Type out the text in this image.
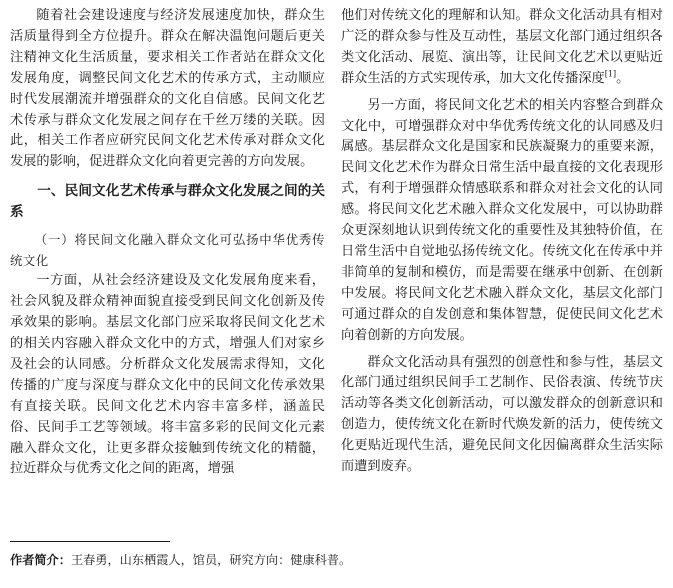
随着社会建设速度与经济发展速度加快，群众生活质量得到全方位提升。群众在解决温饱问题后更关注精神文化生活质量，要求相关工作者站在群众文化发展角度，调整民间文化艺术的传承方式，主动顺应时代发展潮流并增强群众的文化自信感。民间文化艺术传承与群众文化发展之间存在千丝万缕的关联。因此，相关工作者应研究民间文化艺术传承对群众文化发展的影响，促进群众文化向着更完善的方向发展。

一、民间文化艺术传承与群众文化发展之间的关系
（一）将民间文化融入群众文化可弘扬中华优秀传统文化

一方面，从社会经济建设及文化发展角度来看，社会风貌及群众精神面貌直接受到民间文化创新及传承效果的影响。基层文化部门应采取将民间文化艺术的相关内容融入群众文化中的方式，增强人们对家乡及社会的认同感。分析群众文化发展需求得知，文化传播的广度与深度与群众文化中的民间文化传承效果有直接关联。民间文化艺术内容丰富多样，涵盖民俗、民间手工艺等领域。将丰富多彩的民间文化元素融入群众文化，让更多群众接触到传统文化的精髓，拉近群众与优秀文化之间的距离，增强

他们对传统文化的理解和认知。群众文化活动具有相对广泛的群众参与性及互动性，基层文化部门通过组织各类文化活动、展览、演出等，让民间文化艺术以更贴近群众生活的方式实现传承，加大文化传播深度[1]。

另一方面，将民间文化艺术的相关内容整合到群众文化中，可增强群众对中华优秀传统文化的认同感及归属感。基层群众文化是国家和民族凝聚力的重要来源，民间文化艺术作为群众日常生活中最直接的文化表现形式，有利于增强群众情感联系和群众对社会文化的认同感。将民间文化艺术融入群众文化发展中，可以协助群众更深刻地认识到传统文化的重要性及其独特价值，在日常生活中自觉地弘扬传统文化。传统文化在传承中并非简单的复制和模仿，而是需要在继承中创新、在创新中发展。将民间文化艺术融入群众文化，基层文化部门可通过群众的自发创意和集体智慧，促使民间文化艺术向着创新的方向发展。

群众文化活动具有强烈的创意性和参与性，基层文化部门通过组织民间手工艺制作、民俗表演、传统节庆活动等各类文化创新活动，可以激发群众的创新意识和创造力，使传统文化在新时代焕发新的活力，使传统文化更贴近现代生活，避免民间文化因偏离群众生活实际而遭到废弃。

作者简介：王春勇，山东栖霞人，馆员，研究方向：健康科普。
